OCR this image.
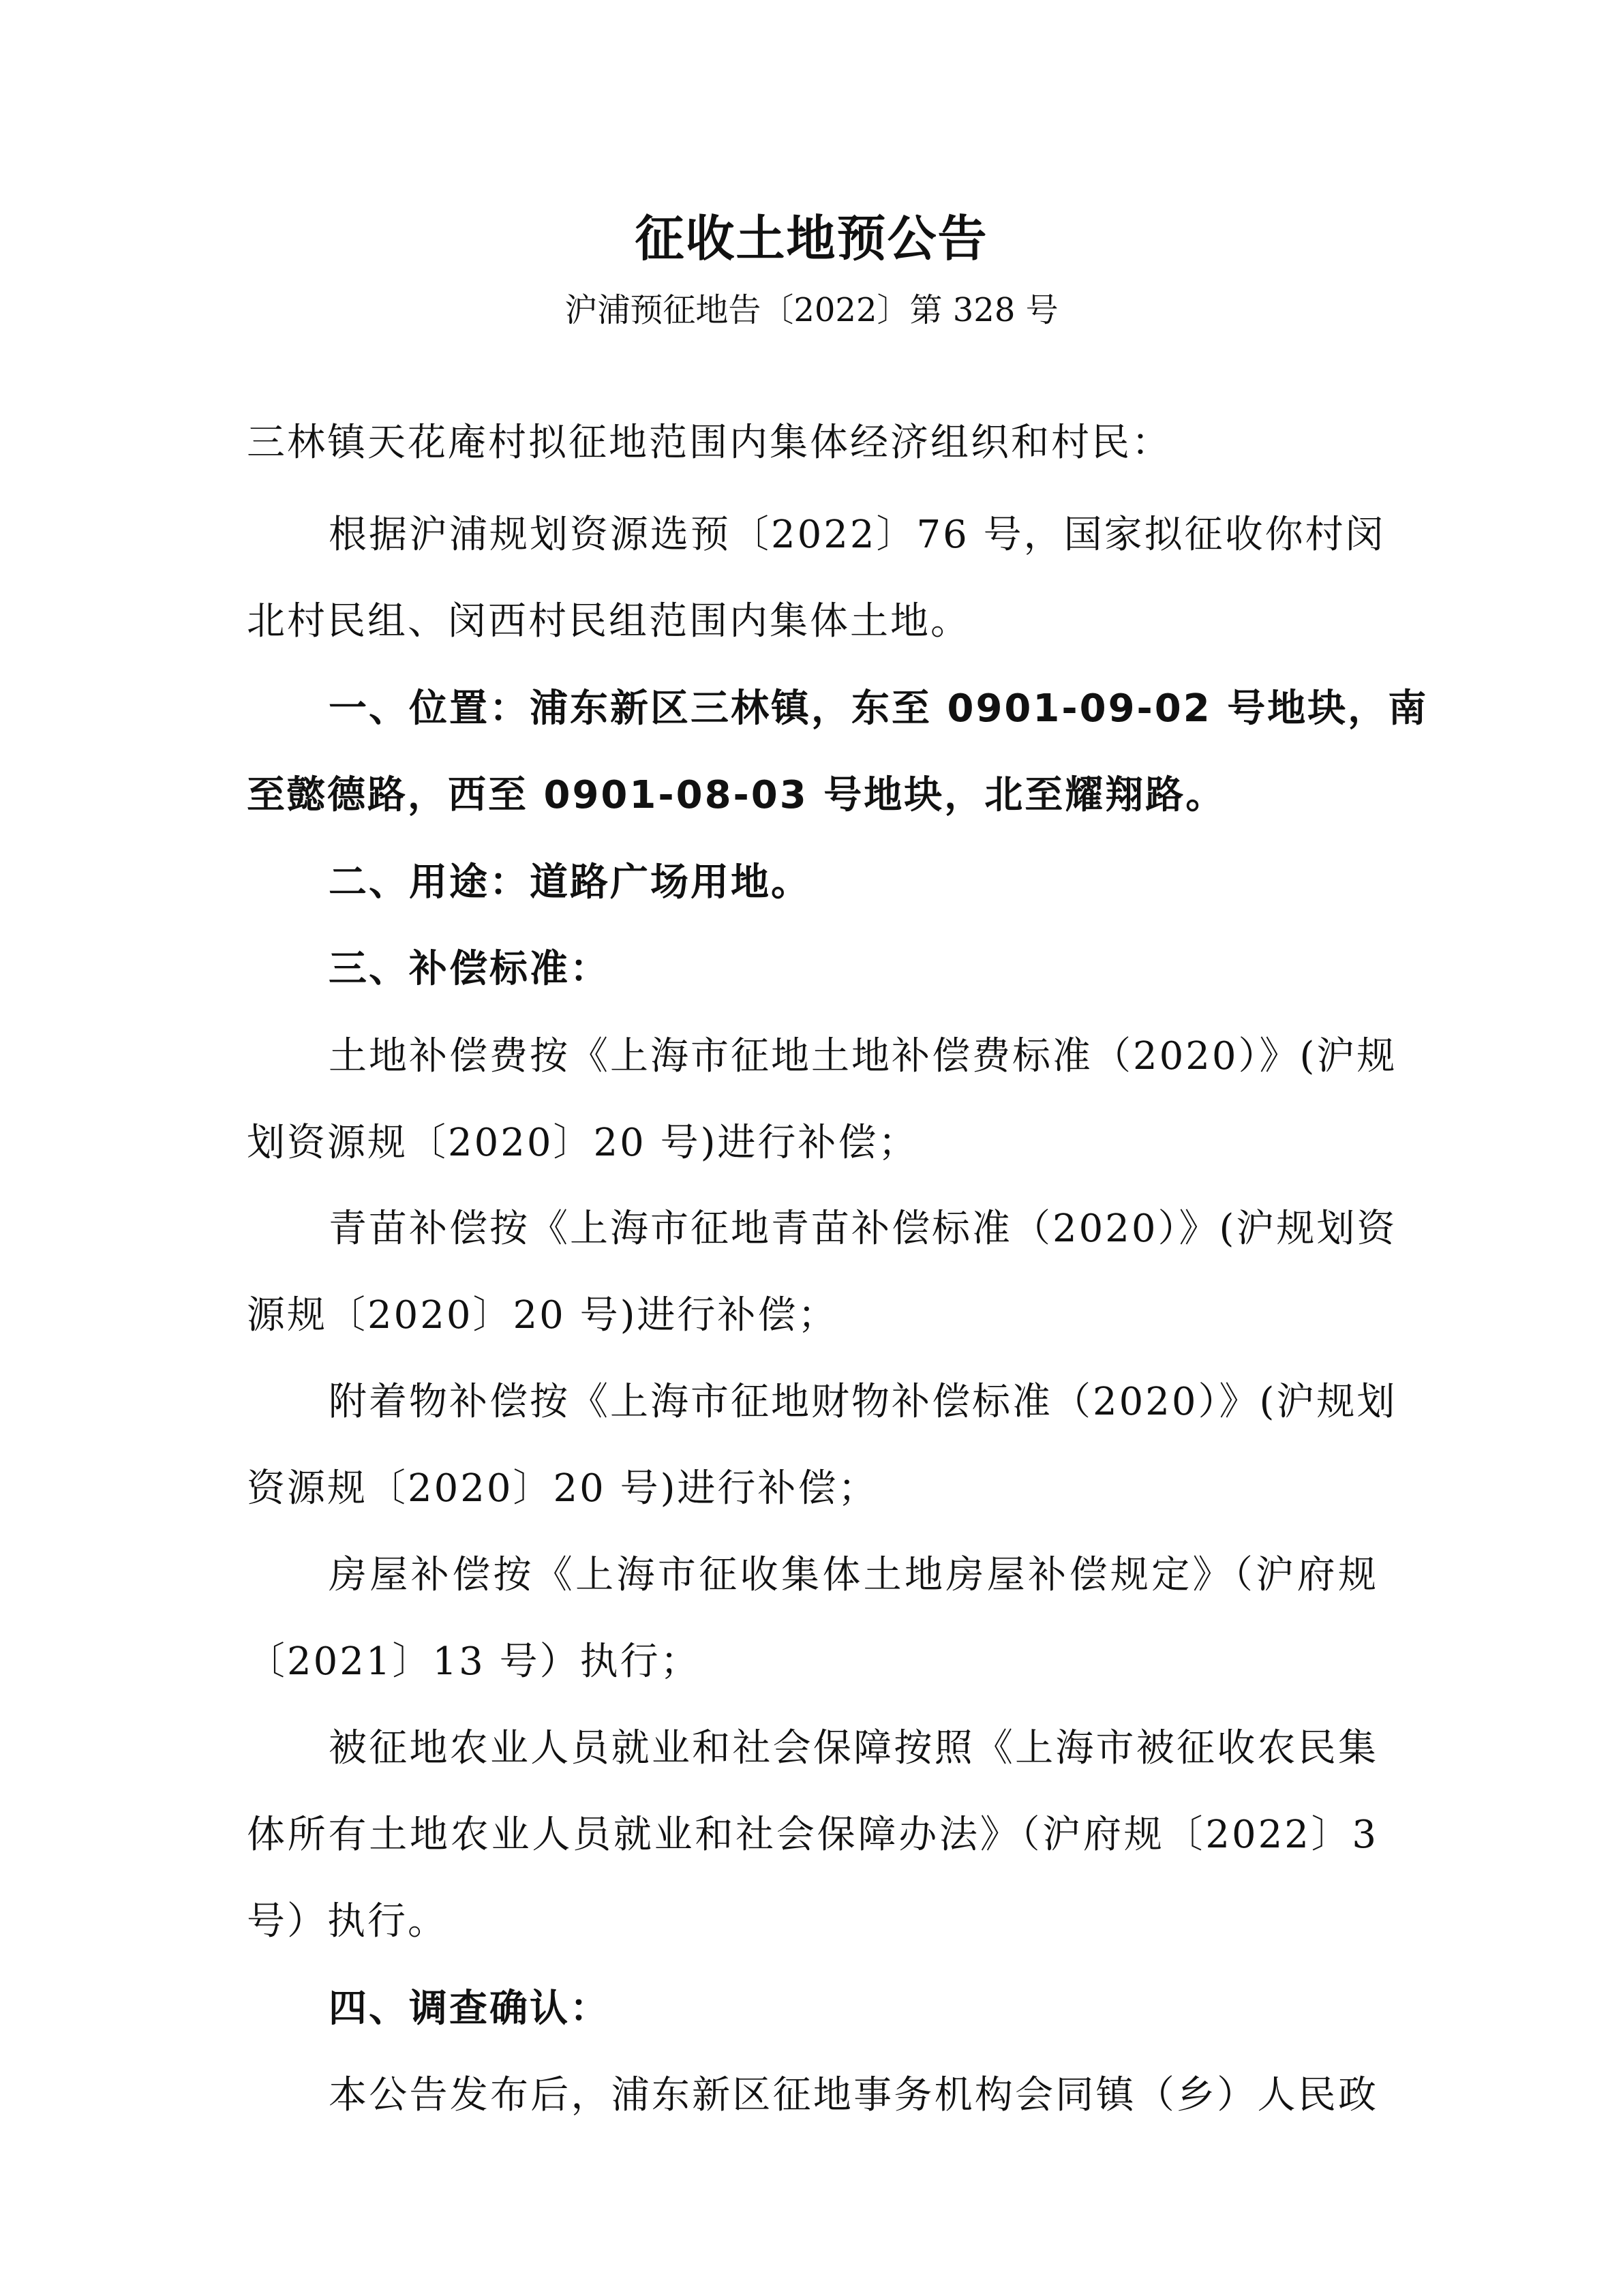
征收土地预公告
沪浦预征地告〔2022〕第 328 号
三林镇天花庵村拟征地范围内集体经济组织和村民：
根据沪浦规划资源选预〔2022〕76 号，国家拟征收你村闵
北村民组、闵西村民组范围内集体土地。
一、位置：浦东新区三林镇，东至 0901-09-02 号地块，南
至懿德路，西至 0901-08-03 号地块，北至耀翔路。
二、用途：道路广场用地。
三、补偿标准：
土地补偿费按《上海市征地土地补偿费标准（2020）》(沪规
划资源规〔2020〕20 号)进行补偿；
青苗补偿按《上海市征地青苗补偿标准（2020）》(沪规划资
源规〔2020〕20 号)进行补偿；
附着物补偿按《上海市征地财物补偿标准（2020）》(沪规划
资源规〔2020〕20 号)进行补偿；
房屋补偿按《上海市征收集体土地房屋补偿规定》（沪府规
〔2021〕13 号）执行；
被征地农业人员就业和社会保障按照《上海市被征收农民集
体所有土地农业人员就业和社会保障办法》（沪府规〔2022〕3
号）执行。
四、调查确认：
本公告发布后，浦东新区征地事务机构会同镇（乡）人民政
